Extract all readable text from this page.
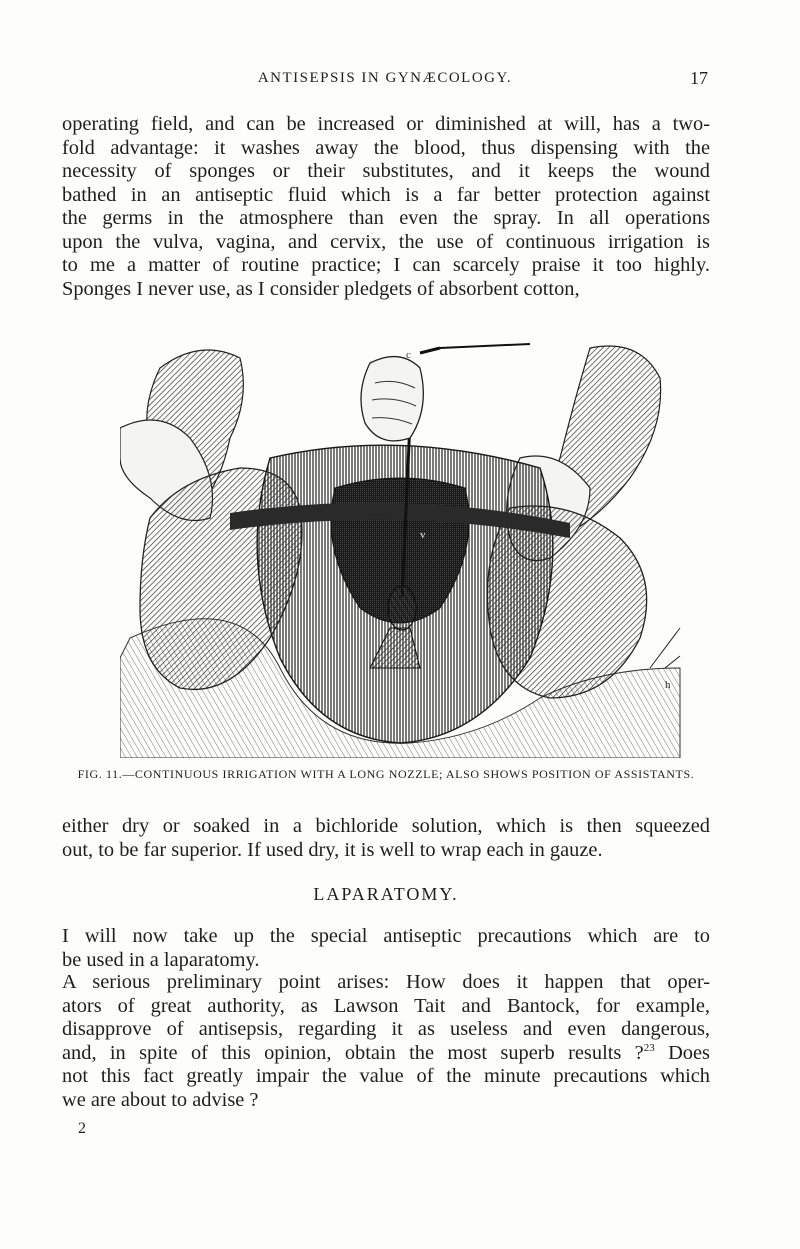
ANTISEPSIS IN GYNÆCOLOGY.	17

operating field, and can be increased or diminished at will, has a two-
fold advantage: it washes away the blood, thus dispensing with the
necessity of sponges or their substitutes, and it keeps the wound
bathed in an antiseptic fluid which is a far better protection against
the germs in the atmosphere than even the spray. In all operations
upon the vulva, vagina, and cervix, the use of continuous irrigation is
to me a matter of routine practice; I can scarcely praise it too highly.
Sponges I never use, as I consider pledgets of absorbent cotton,

c
v
h
FIG. 11.—CONTINUOUS IRRIGATION WITH A LONG NOZZLE; ALSO SHOWS POSITION OF ASSISTANTS.

either dry or soaked in a bichloride solution, which is then squeezed
out, to be far superior. If used dry, it is well to wrap each in gauze.

LAPARATOMY.

I will now take up the special antiseptic precautions which are to
be used in a laparatomy.

A serious preliminary point arises: How does it happen that oper-
ators of great authority, as Lawson Tait and Bantock, for example,
disapprove of antisepsis, regarding it as useless and even dangerous,
and, in spite of this opinion, obtain the most superb results ?$^{23}$ Does
not this fact greatly impair the value of the minute precautions which
we are about to advise ?

2
